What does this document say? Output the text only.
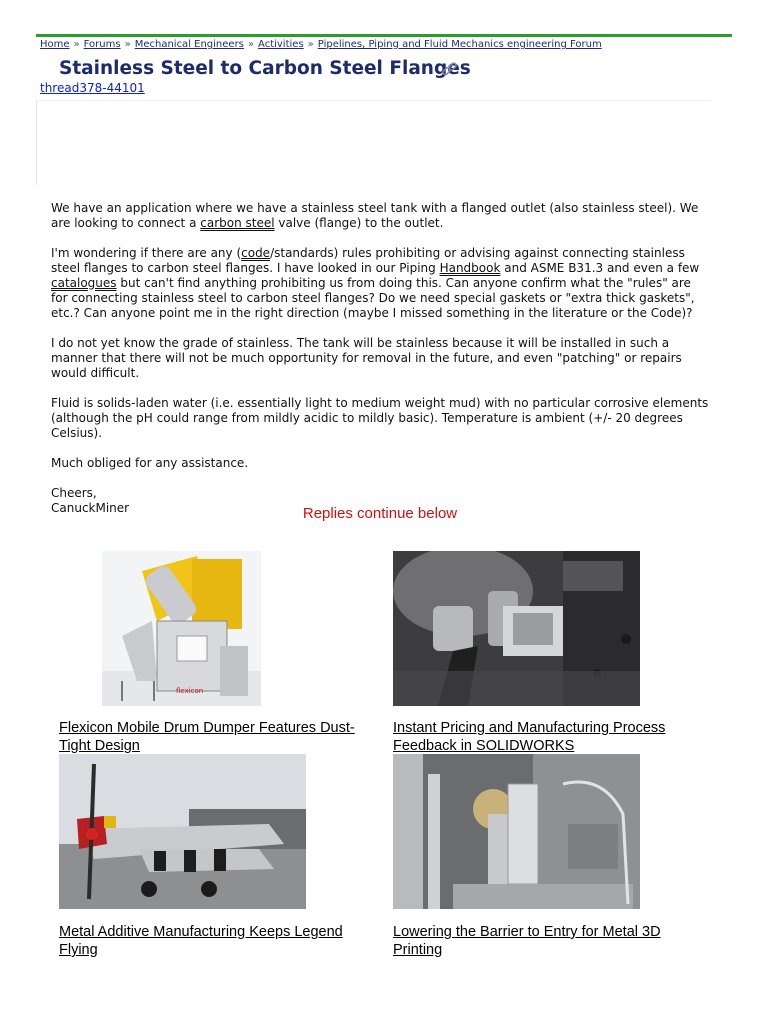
Home » Forums » Mechanical Engineers » Activities » Pipelines, Piping and Fluid Mechanics engineering Forum
Stainless Steel to Carbon Steel Flanges
thread378-44101

We have an application where we have a stainless steel tank with a flanged outlet (also stainless steel). We are looking to connect a carbon steel valve (flange) to the outlet.

I'm wondering if there are any (code/standards) rules prohibiting or advising against connecting stainless steel flanges to carbon steel flanges. I have looked in our Piping Handbook and ASME B31.3 and even a few catalogues but can't find anything prohibiting us from doing this. Can anyone confirm what the "rules" are for connecting stainless steel to carbon steel flanges? Do we need special gaskets or "extra thick gaskets", etc.? Can anyone point me in the right direction (maybe I missed something in the literature or the Code)?

I do not yet know the grade of stainless. The tank will be stainless because it will be installed in such a manner that there will not be much opportunity for removal in the future, and even "patching" or repairs would difficult.

Fluid is solids-laden water (i.e. essentially light to medium weight mud) with no particular corrosive elements (although the pH could range from mildly acidic to mildly basic). Temperature is ambient (+/- 20 degrees Celsius).

Much obliged for any assistance.

Cheers,
CanuckMiner	Replies continue below
flexicon
Flexicon Mobile Drum Dumper Features Dust-Tight Design
Instant Pricing and Manufacturing Process Feedback in SOLIDWORKS
Metal Additive Manufacturing Keeps Legend Flying
Lowering the Barrier to Entry for Metal 3D Printing
